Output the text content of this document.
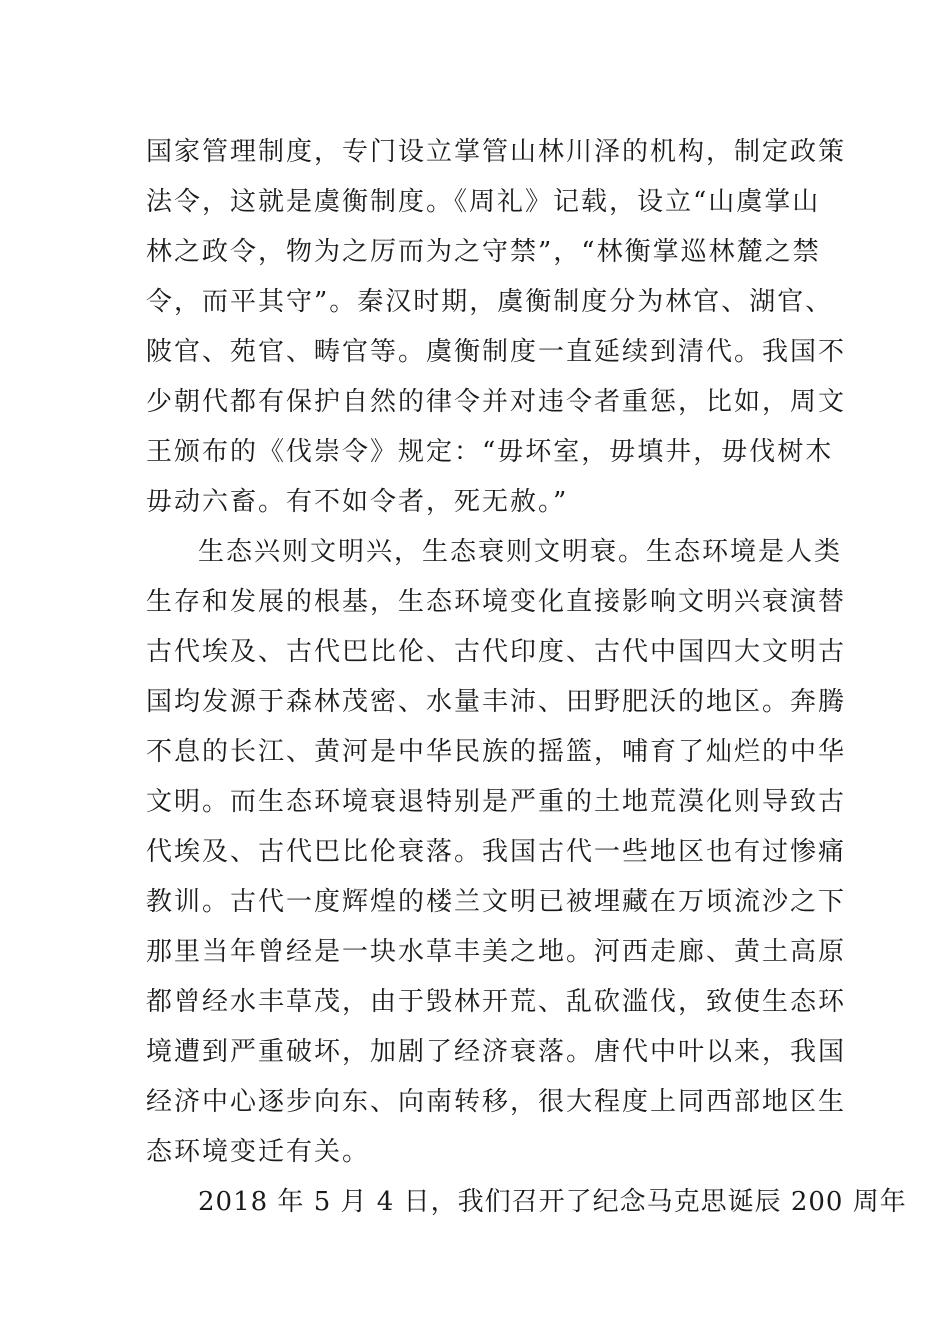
国家管理制度，专门设立掌管山林川泽的机构，制定政策
法令，这就是虞衡制度。《周礼》记载，设立“山虞掌山
林之政令，物为之厉而为之守禁”，“林衡掌巡林麓之禁
令，而平其守”。秦汉时期，虞衡制度分为林官、湖官、
陂官、苑官、畴官等。虞衡制度一直延续到清代。我国不
少朝代都有保护自然的律令并对违令者重惩，比如，周文
王颁布的《伐崇令》规定：“毋坏室，毋填井，毋伐树木
毋动六畜。有不如令者，死无赦。”
生态兴则文明兴，生态衰则文明衰。生态环境是人类
生存和发展的根基，生态环境变化直接影响文明兴衰演替
古代埃及、古代巴比伦、古代印度、古代中国四大文明古
国均发源于森林茂密、水量丰沛、田野肥沃的地区。奔腾
不息的长江、黄河是中华民族的摇篮，哺育了灿烂的中华
文明。而生态环境衰退特别是严重的土地荒漠化则导致古
代埃及、古代巴比伦衰落。我国古代一些地区也有过惨痛
教训。古代一度辉煌的楼兰文明已被埋藏在万顷流沙之下
那里当年曾经是一块水草丰美之地。河西走廊、黄土高原
都曾经水丰草茂，由于毁林开荒、乱砍滥伐，致使生态环
境遭到严重破坏，加剧了经济衰落。唐代中叶以来，我国
经济中心逐步向东、向南转移，很大程度上同西部地区生
态环境变迁有关。
2018 年 5 月 4 日，我们召开了纪念马克思诞辰 200 周年
